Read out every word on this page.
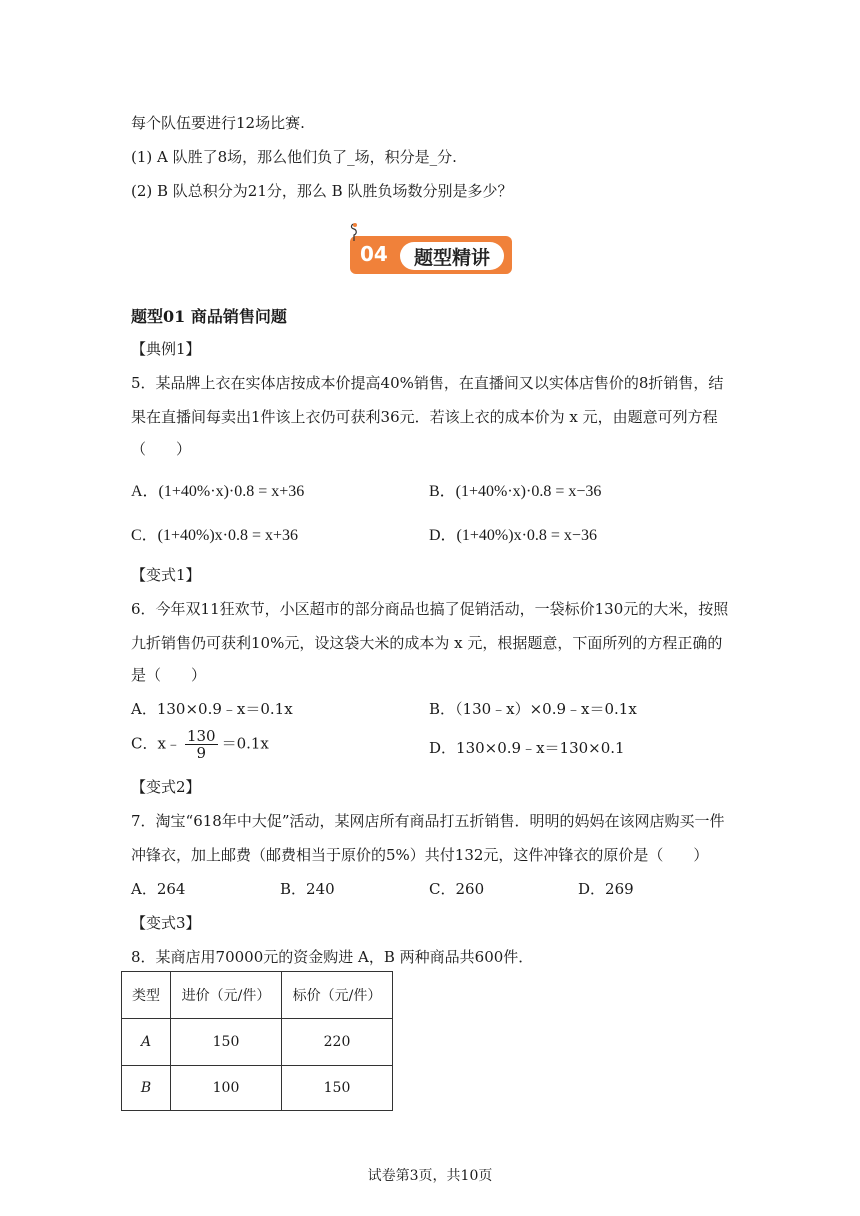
每个队伍要进行12场比赛.
(1) A 队胜了8场，那么他们负了_场，积分是_分.
(2) B 队总积分为21分，那么 B 队胜负场数分别是多少？
04	题型精讲
题型01 商品销售问题
【典例1】
5．某品牌上衣在实体店按成本价提高40%销售，在直播间又以实体店售价的8折销售，结
果在直播间每卖出1件该上衣仍可获利36元．若该上衣的成本价为 x 元，由题意可列方程
（　　）
A．(1+40%·x)·0.8 = x+36	B．(1+40%·x)·0.8 = x−36
C．(1+40%)x·0.8 = x+36	D．(1+40%)x·0.8 = x−36
【变式1】
6．今年双11狂欢节，小区超市的部分商品也搞了促销活动，一袋标价130元的大米，按照
九折销售仍可获利10%元，设这袋大米的成本为 x 元，根据题意，下面所列的方程正确的
是（　　）
A．130×0.9﹣x＝0.1x	B．（130﹣x）×0.9﹣x＝0.1x
C．x﹣ $\frac{130}{9} =0.1x$	D．130×0.9﹣x＝130×0.1
【变式2】
7．淘宝“618年中大促”活动，某网店所有商品打五折销售．明明的妈妈在该网店购买一件
冲锋衣，加上邮费（邮费相当于原价的5%）共付132元，这件冲锋衣的原价是（　　）
A．264	B．240	C．260	D．269
【变式3】
8．某商店用70000元的资金购进 A，B 两种商品共600件．
类型	进价（元/件）	标价（元/件）
A	150	220
B	100	150
试卷第3页，共10页
